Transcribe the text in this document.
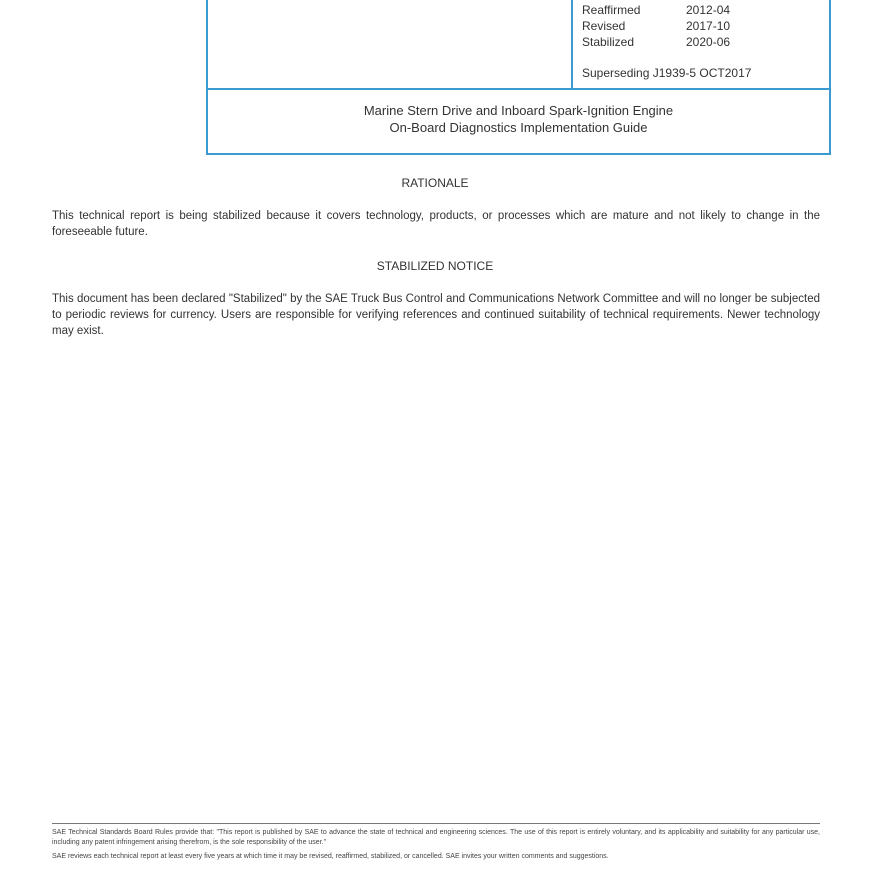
Reaffirmed	2012-04
Revised	2017-10
Stabilized	2020-06
Superseding J1939-5 OCT2017
Marine Stern Drive and Inboard Spark-Ignition Engine
On-Board Diagnostics Implementation Guide
RATIONALE
This technical report is being stabilized because it covers technology, products, or processes which are mature and not likely to change in the foreseeable future.
STABILIZED NOTICE
This document has been declared "Stabilized" by the SAE Truck Bus Control and Communications Network Committee and will no longer be subjected to periodic reviews for currency. Users are responsible for verifying references and continued suitability of technical requirements. Newer technology may exist.
SAE Technical Standards Board Rules provide that: "This report is published by SAE to advance the state of technical and engineering sciences. The use of this report is entirely voluntary, and its applicability and suitability for any particular use, including any patent infringement arising therefrom, is the sole responsibility of the user."
SAE reviews each technical report at least every five years at which time it may be revised, reaffirmed, stabilized, or cancelled. SAE invites your written comments and suggestions.
